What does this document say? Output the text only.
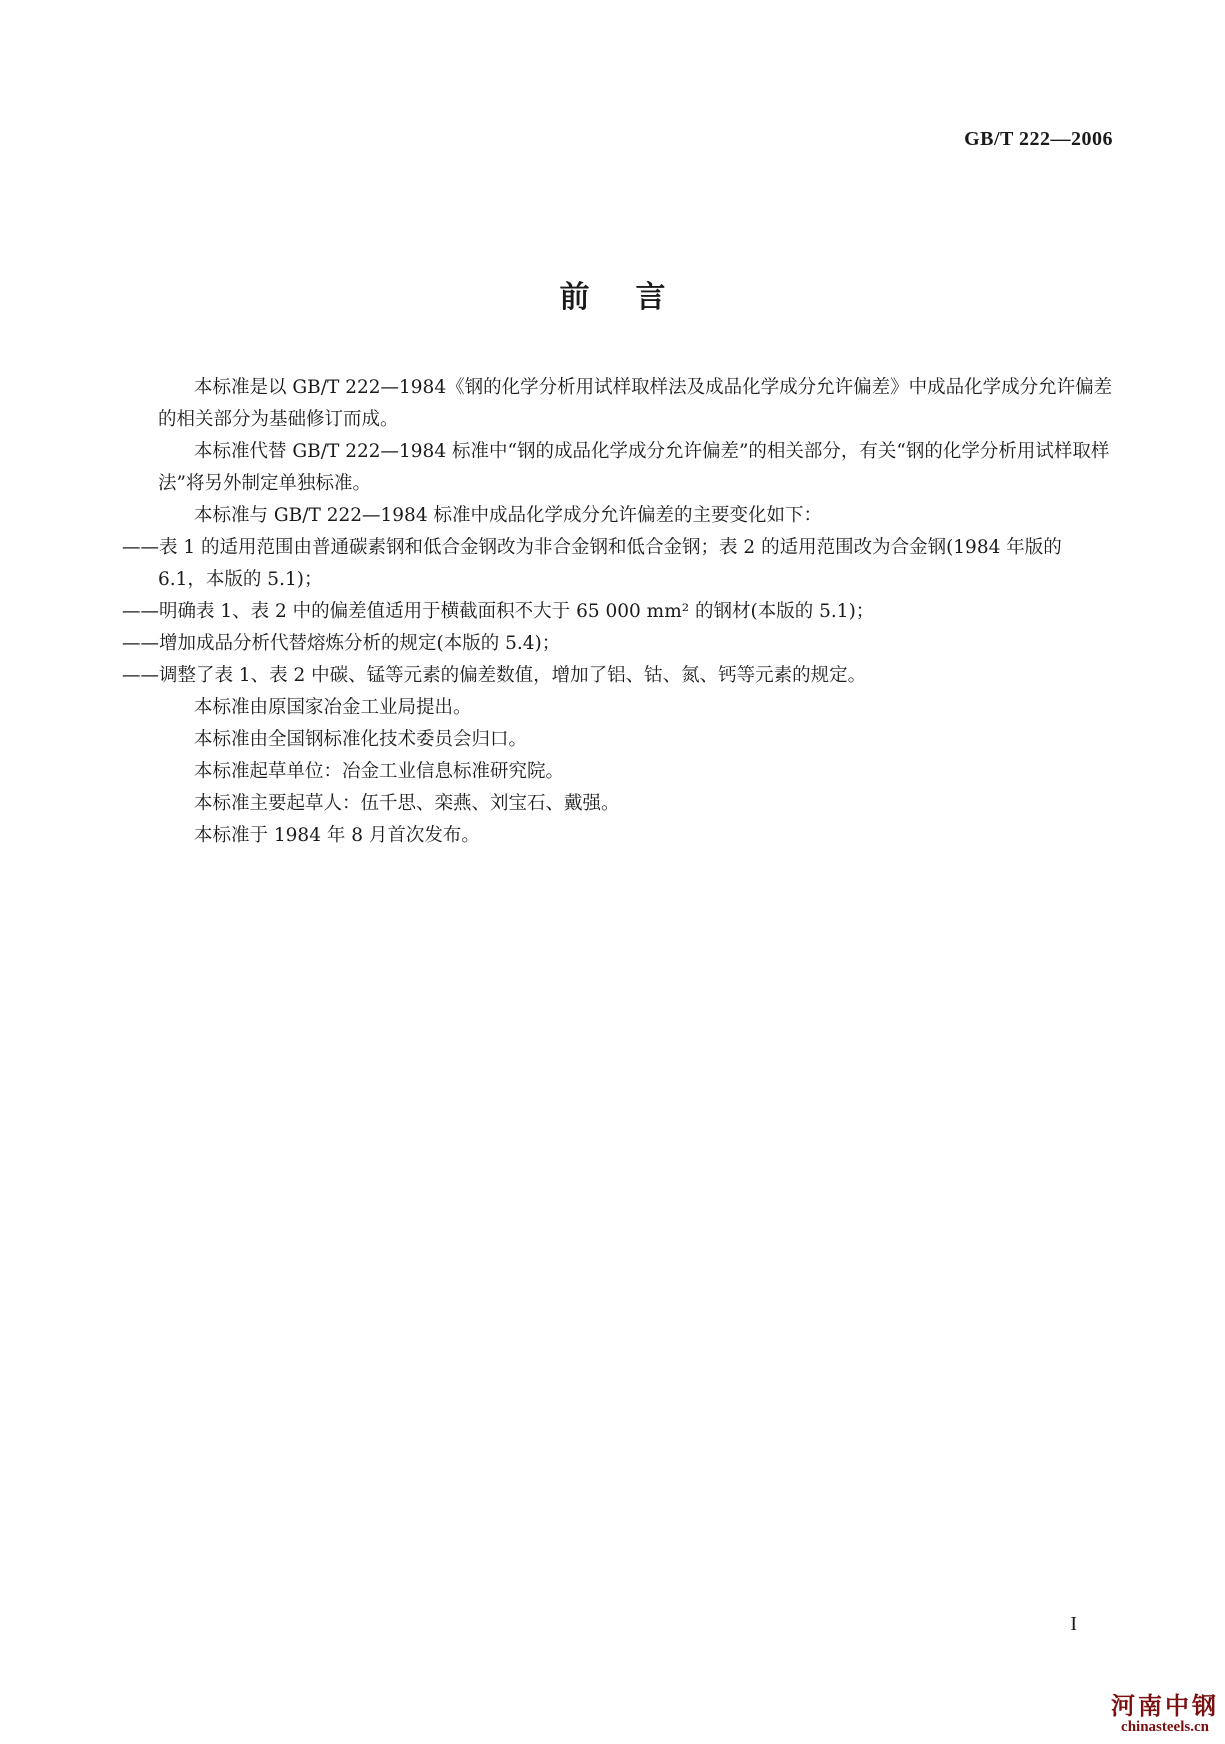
GB/T 222—2006
前言

本标准是以 GB/T 222—1984《钢的化学分析用试样取样法及成品化学成分允许偏差》中成品化学成分允许偏差的相关部分为基础修订而成。

本标准代替 GB/T 222—1984 标准中“钢的成品化学成分允许偏差”的相关部分，有关“钢的化学分析用试样取样法”将另外制定单独标准。

本标准与 GB/T 222—1984 标准中成品化学成分允许偏差的主要变化如下：

——表 1 的适用范围由普通碳素钢和低合金钢改为非合金钢和低合金钢；表 2 的适用范围改为合金钢(1984 年版的 6.1，本版的 5.1)；

——明确表 1、表 2 中的偏差值适用于横截面积不大于 65 000 mm² 的钢材(本版的 5.1)；

——增加成品分析代替熔炼分析的规定(本版的 5.4)；

——调整了表 1、表 2 中碳、锰等元素的偏差数值，增加了铝、钴、氮、钙等元素的规定。

本标准由原国家冶金工业局提出。

本标准由全国钢标准化技术委员会归口。

本标准起草单位：冶金工业信息标准研究院。

本标准主要起草人：伍千思、栾燕、刘宝石、戴强。

本标准于 1984 年 8 月首次发布。

I
河南中钢
chinasteels.cn
